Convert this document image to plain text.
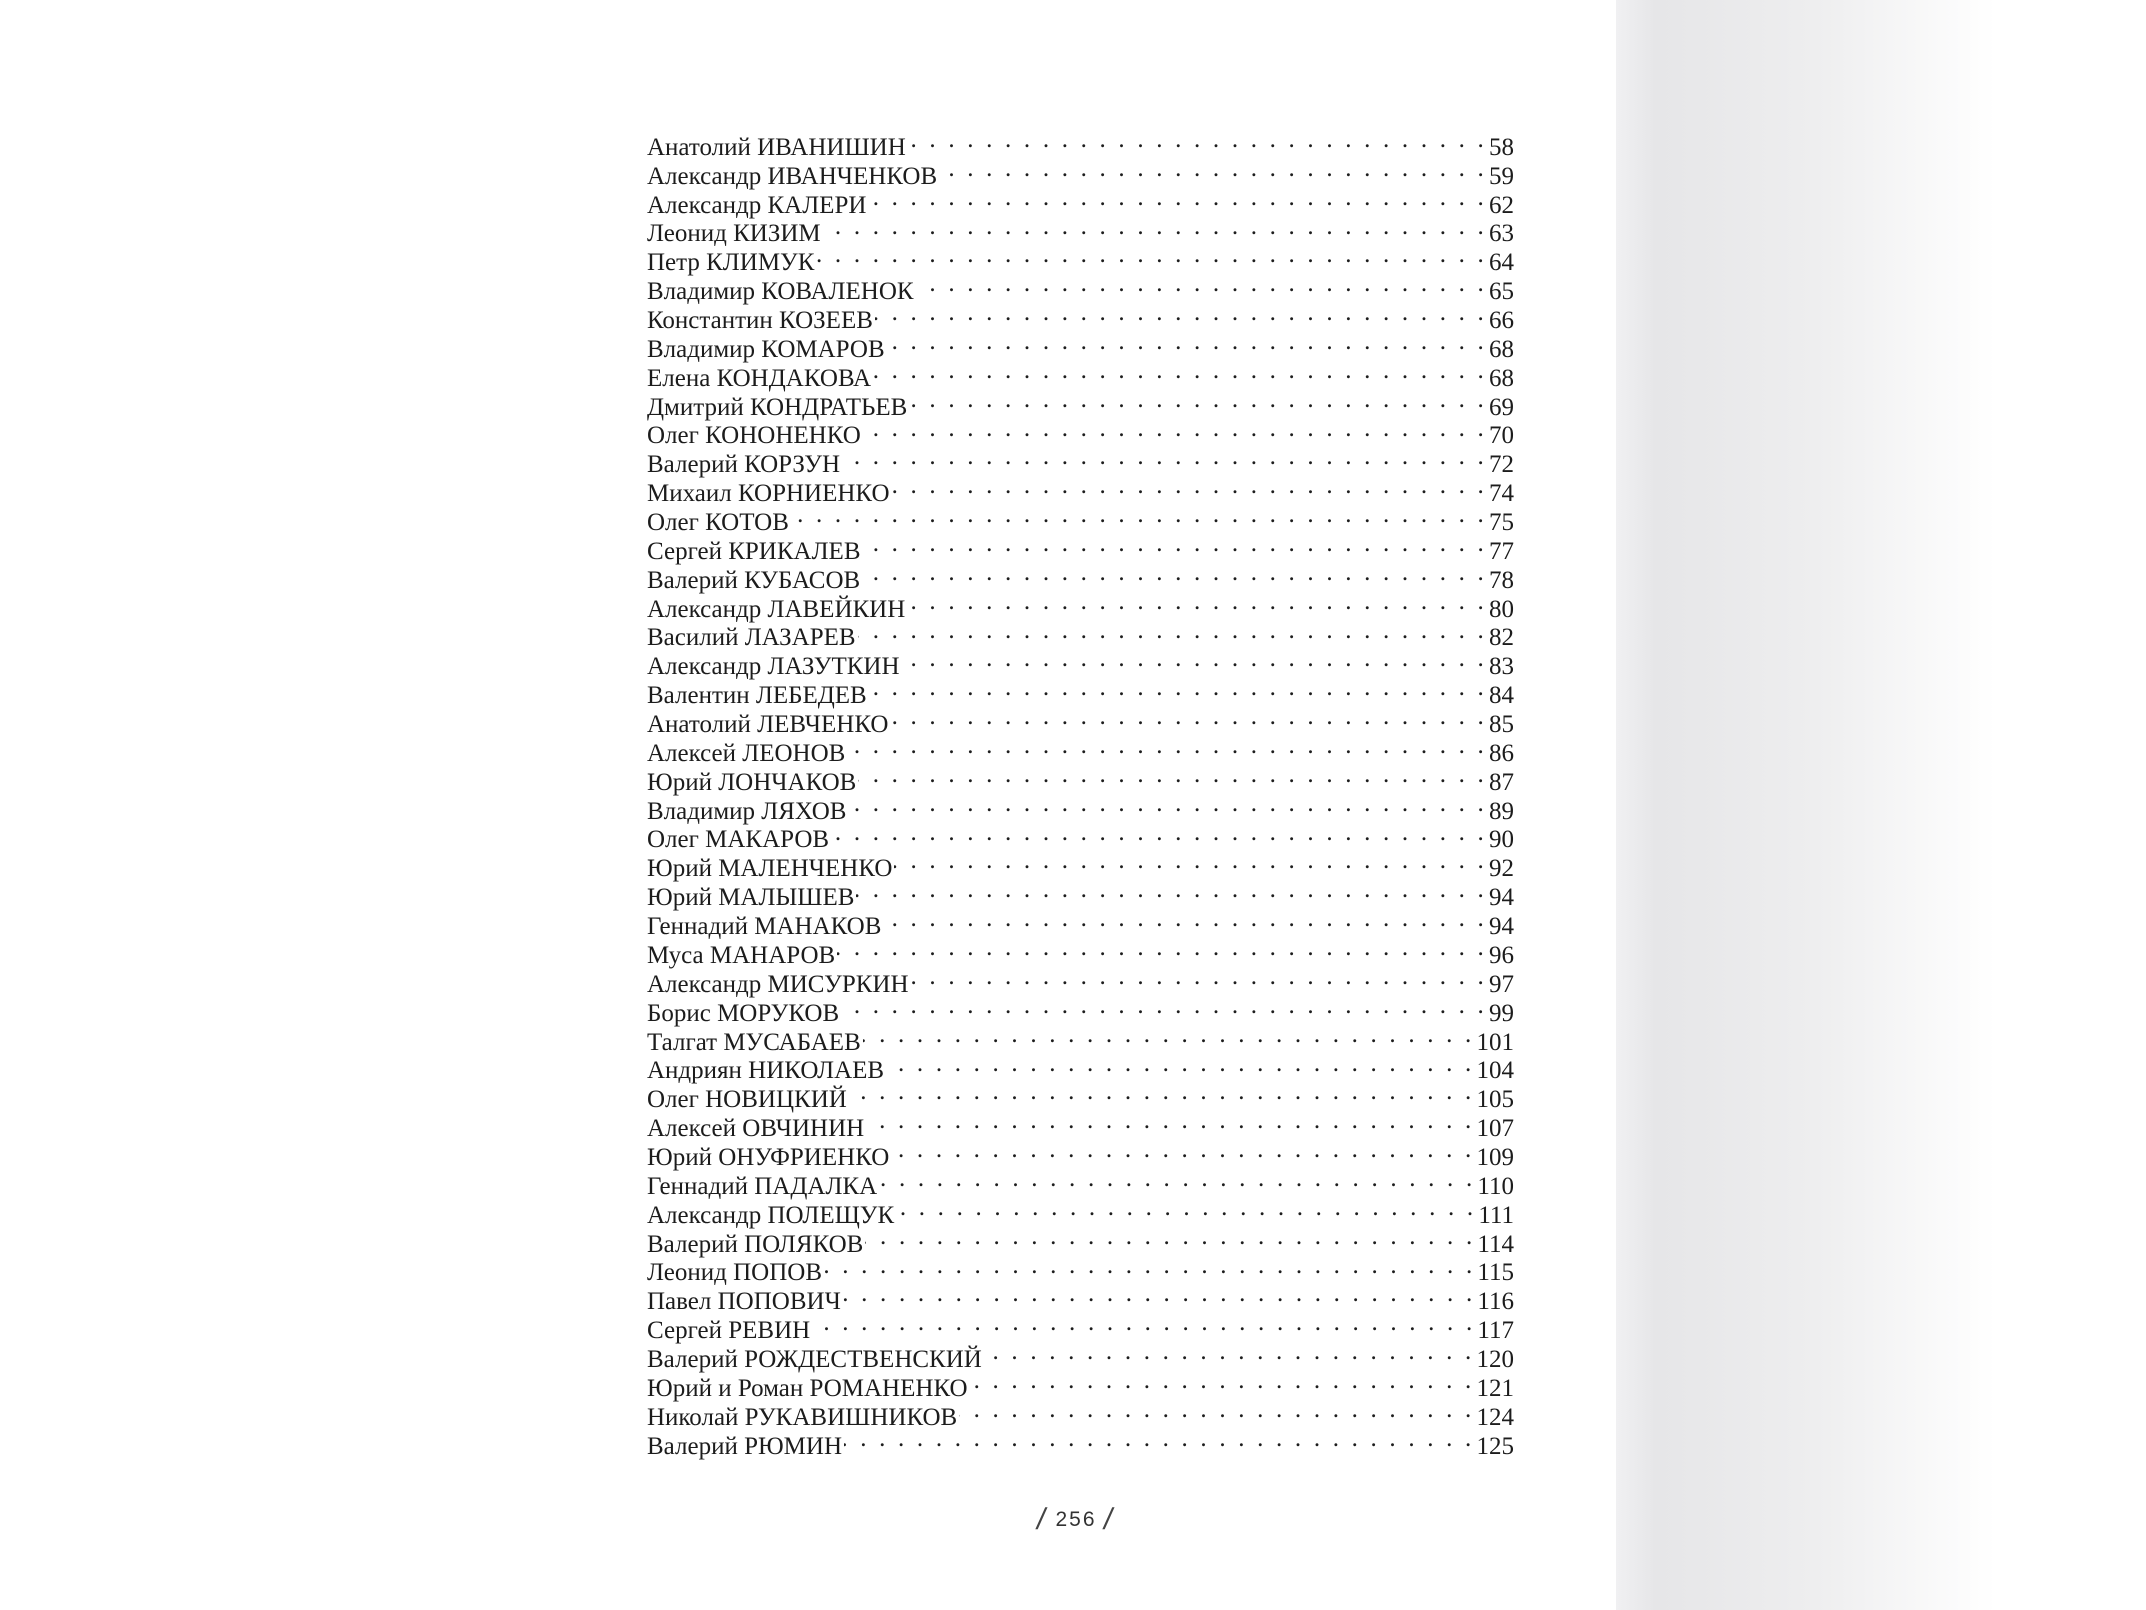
Анатолий ИВАНИШИН . . .	58
Александр ИВАНЧЕНКОВ . . .	59
Александр КАЛЕРИ . . .	62
Леонид КИЗИМ . . .	63
Петр КЛИМУК . . .	64
Владимир КОВАЛЕНОК . . .	65
Константин КОЗЕЕВ . . .	66
Владимир КОМАРОВ . . .	68
Елена КОНДАКОВА . . .	68
Дмитрий КОНДРАТЬЕВ . . .	69
Олег КОНОНЕНКО . . .	70
Валерий КОРЗУН . . .	72
Михаил КОРНИЕНКО . . .	74
Олег КОТОВ . . .	75
Сергей КРИКАЛЕВ . . .	77
Валерий КУБАСОВ . . .	78
Александр ЛАВЕЙКИН . . .	80
Василий ЛАЗАРЕВ . . .	82
Александр ЛАЗУТКИН . . .	83
Валентин ЛЕБЕДЕВ . . .	84
Анатолий ЛЕВЧЕНКО . . .	85
Алексей ЛЕОНОВ . . .	86
Юрий ЛОНЧАКОВ . . .	87
Владимир ЛЯХОВ . . .	89
Олег МАКАРОВ . . .	90
Юрий МАЛЕНЧЕНКО . . .	92
Юрий МАЛЫШЕВ . . .	94
Геннадий МАНАКОВ . . .	94
Муса МАНАРОВ . . .	96
Александр МИСУРКИН . . .	97
Борис МОРУКОВ . . .	99
Талгат МУСАБАЕВ . . .	101
Андриян НИКОЛАЕВ . . .	104
Олег НОВИЦКИЙ . . .	105
Алексей ОВЧИНИН . . .	107
Юрий ОНУФРИЕНКО . . .	109
Геннадий ПАДАЛКА . . .	110
Александр ПОЛЕЩУК . . .	111
Валерий ПОЛЯКОВ . . .	114
Леонид ПОПОВ . . .	115
Павел ПОПОВИЧ . . .	116
Сергей РЕВИН . . .	117
Валерий РОЖДЕСТВЕНСКИЙ . . .	120
Юрий и Роман РОМАНЕНКО . . .	121
Николай РУКАВИШНИКОВ . . .	124
Валерий РЮМИН . . .	125
/ 256 /
